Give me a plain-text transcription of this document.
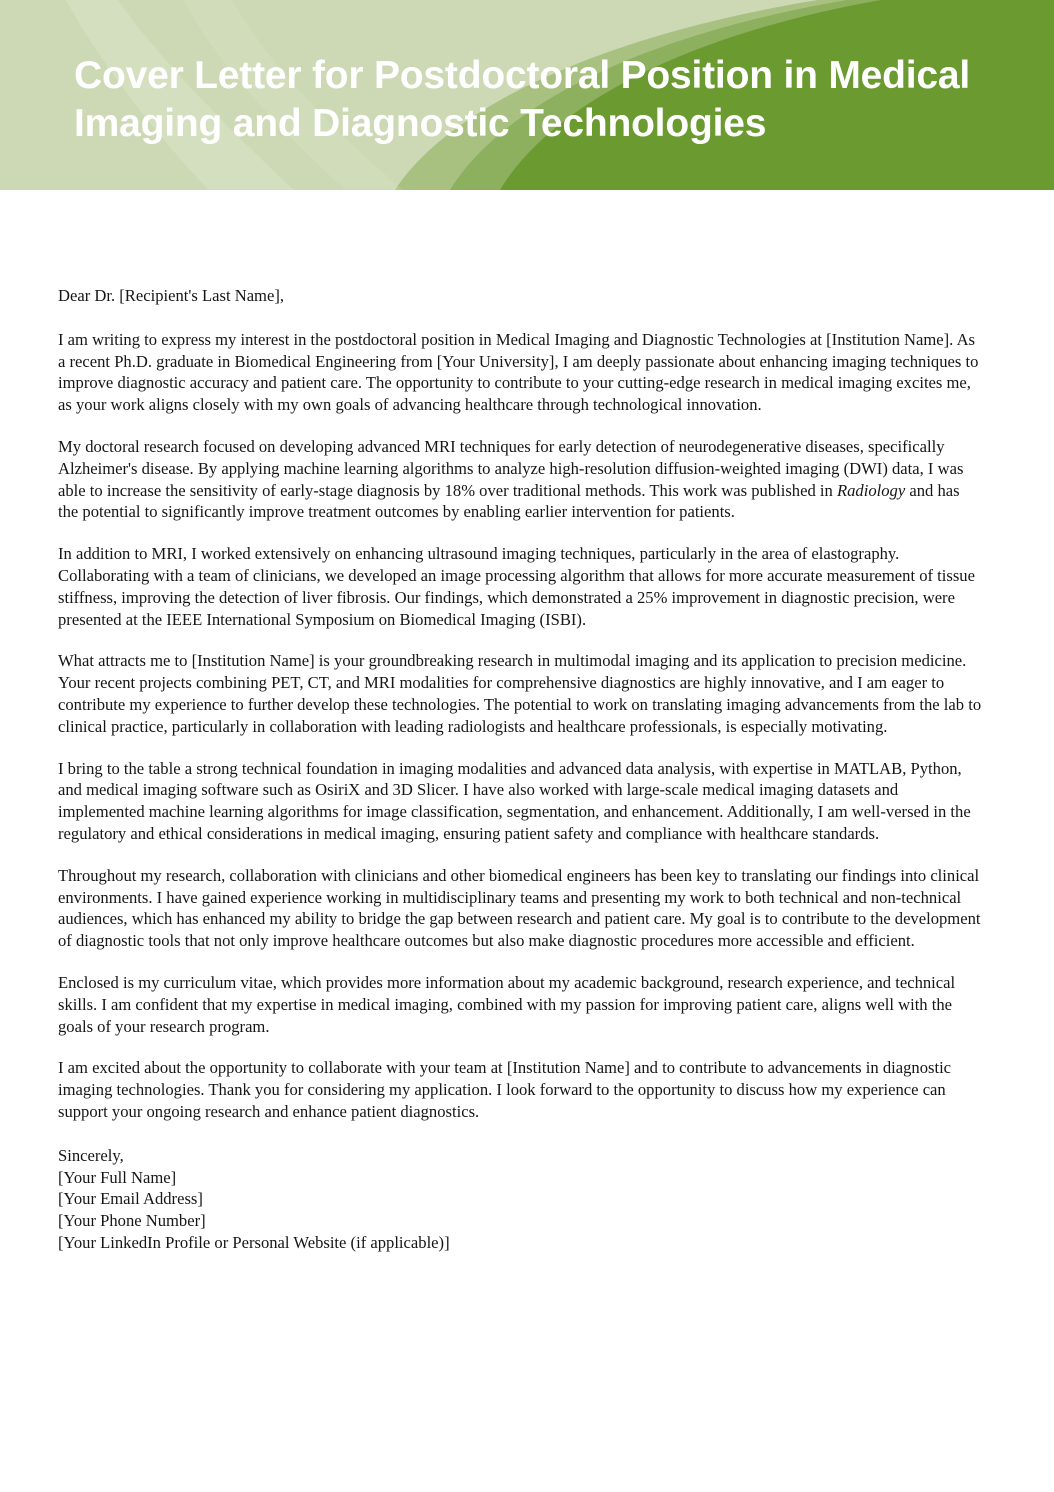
Cover Letter for Postdoctoral Position in Medical Imaging and Diagnostic Technologies

Dear Dr. [Recipient's Last Name],

I am writing to express my interest in the postdoctoral position in Medical Imaging and Diagnostic Technologies at [Institution Name]. As a recent Ph.D. graduate in Biomedical Engineering from [Your University], I am deeply passionate about enhancing imaging techniques to improve diagnostic accuracy and patient care. The opportunity to contribute to your cutting-edge research in medical imaging excites me, as your work aligns closely with my own goals of advancing healthcare through technological innovation.

My doctoral research focused on developing advanced MRI techniques for early detection of neurodegenerative diseases, specifically Alzheimer's disease. By applying machine learning algorithms to analyze high-resolution diffusion-weighted imaging (DWI) data, I was able to increase the sensitivity of early-stage diagnosis by 18% over traditional methods. This work was published in Radiology and has the potential to significantly improve treatment outcomes by enabling earlier intervention for patients.

In addition to MRI, I worked extensively on enhancing ultrasound imaging techniques, particularly in the area of elastography. Collaborating with a team of clinicians, we developed an image processing algorithm that allows for more accurate measurement of tissue stiffness, improving the detection of liver fibrosis. Our findings, which demonstrated a 25% improvement in diagnostic precision, were presented at the IEEE International Symposium on Biomedical Imaging (ISBI).

What attracts me to [Institution Name] is your groundbreaking research in multimodal imaging and its application to precision medicine. Your recent projects combining PET, CT, and MRI modalities for comprehensive diagnostics are highly innovative, and I am eager to contribute my experience to further develop these technologies. The potential to work on translating imaging advancements from the lab to clinical practice, particularly in collaboration with leading radiologists and healthcare professionals, is especially motivating.

I bring to the table a strong technical foundation in imaging modalities and advanced data analysis, with expertise in MATLAB, Python, and medical imaging software such as OsiriX and 3D Slicer. I have also worked with large-scale medical imaging datasets and implemented machine learning algorithms for image classification, segmentation, and enhancement. Additionally, I am well-versed in the regulatory and ethical considerations in medical imaging, ensuring patient safety and compliance with healthcare standards.

Throughout my research, collaboration with clinicians and other biomedical engineers has been key to translating our findings into clinical environments. I have gained experience working in multidisciplinary teams and presenting my work to both technical and non-technical audiences, which has enhanced my ability to bridge the gap between research and patient care. My goal is to contribute to the development of diagnostic tools that not only improve healthcare outcomes but also make diagnostic procedures more accessible and efficient.

Enclosed is my curriculum vitae, which provides more information about my academic background, research experience, and technical skills. I am confident that my expertise in medical imaging, combined with my passion for improving patient care, aligns well with the goals of your research program.

I am excited about the opportunity to collaborate with your team at [Institution Name] and to contribute to advancements in diagnostic imaging technologies. Thank you for considering my application. I look forward to the opportunity to discuss how my experience can support your ongoing research and enhance patient diagnostics.

Sincerely,

[Your Full Name]

[Your Email Address]

[Your Phone Number]

[Your LinkedIn Profile or Personal Website (if applicable)]
